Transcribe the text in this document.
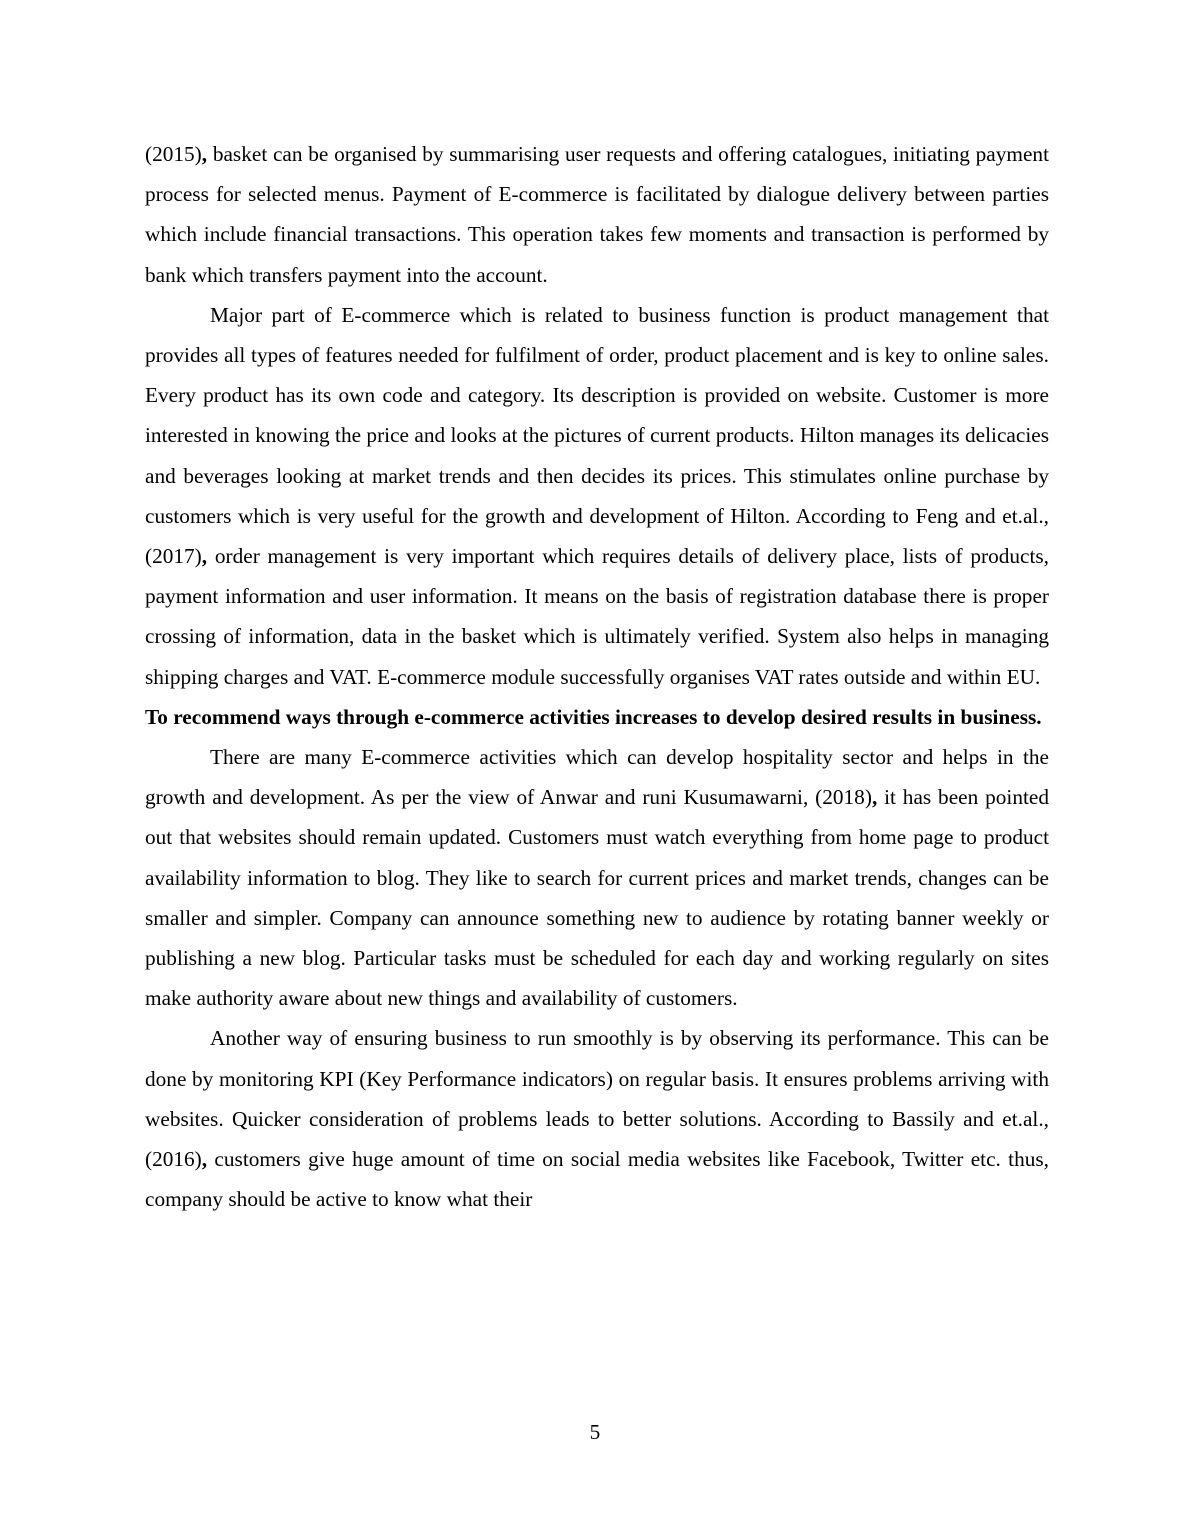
(2015), basket can be organised by summarising user requests and offering catalogues, initiating payment process for selected menus. Payment of E-commerce is facilitated by dialogue delivery between parties which include financial transactions. This operation takes few moments and transaction is performed by bank which transfers payment into the account.

Major part of E-commerce which is related to business function is product management that provides all types of features needed for fulfilment of order, product placement and is key to online sales. Every product has its own code and category. Its description is provided on website. Customer is more interested in knowing the price and looks at the pictures of current products. Hilton manages its delicacies and beverages looking at market trends and then decides its prices. This stimulates online purchase by customers which is very useful for the growth and development of Hilton. According to Feng and et.al., (2017), order management is very important which requires details of delivery place, lists of products, payment information and user information. It means on the basis of registration database there is proper crossing of information, data in the basket which is ultimately verified. System also helps in managing shipping charges and VAT. E-commerce module successfully organises VAT rates outside and within EU.

To recommend ways through e-commerce activities increases to develop desired results in business.

There are many E-commerce activities which can develop hospitality sector and helps in the growth and development. As per the view of Anwar and runi Kusumawarni, (2018), it has been pointed out that websites should remain updated. Customers must watch everything from home page to product availability information to blog. They like to search for current prices and market trends, changes can be smaller and simpler. Company can announce something new to audience by rotating banner weekly or publishing a new blog. Particular tasks must be scheduled for each day and working regularly on sites make authority aware about new things and availability of customers.

Another way of ensuring business to run smoothly is by observing its performance. This can be done by monitoring KPI (Key Performance indicators) on regular basis. It ensures problems arriving with websites. Quicker consideration of problems leads to better solutions. According to Bassily and et.al., (2016), customers give huge amount of time on social media websites like Facebook, Twitter etc. thus, company should be active to know what their

5
